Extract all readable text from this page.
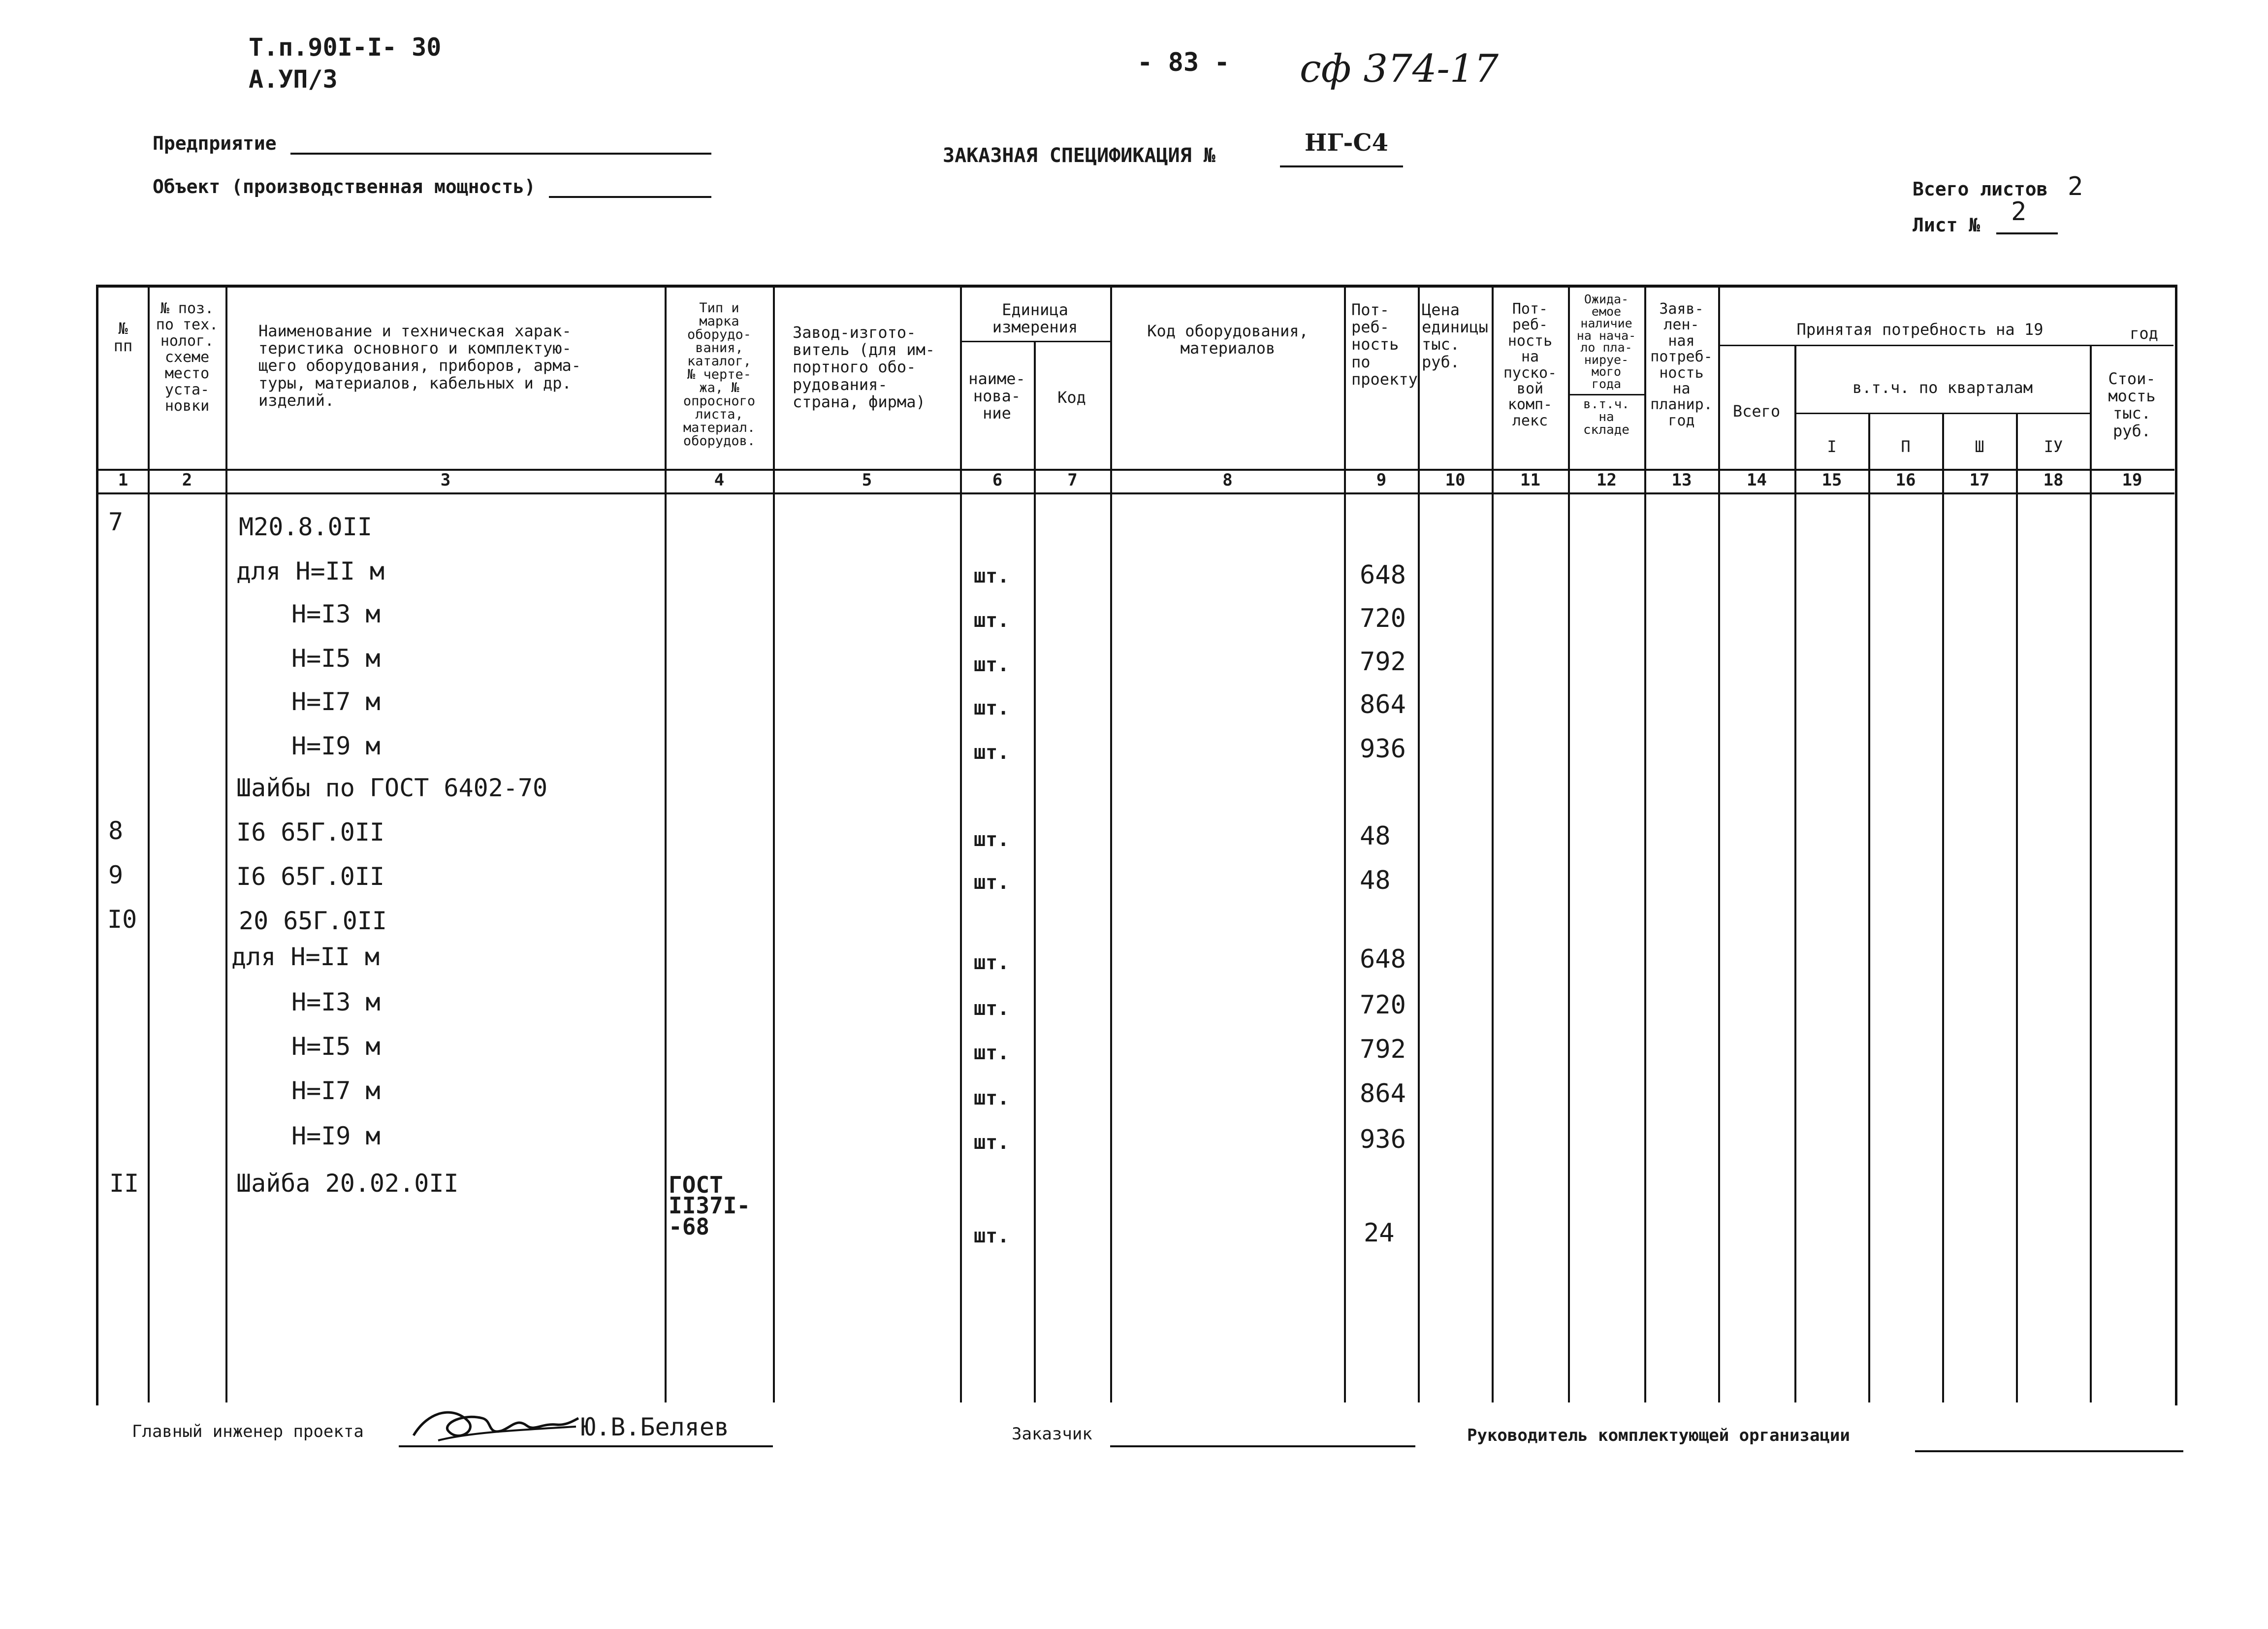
Т.п.90I-I- 30
А.УП/З
- 83 - сф 374-17
Предприятие
Объект (производственная мощность)
ЗАКАЗНАЯ СПЕЦИФИКАЦИЯ №	НГ-С4
Всего листов 2
Лист № 2
№
пп
№ поз.
по тех.
нолог.
схеме
место
уста-
новки
Наименование и техническая харак-
теристика основного и комплектую-
щего оборудования, приборов, арма-
туры, материалов, кабельных и др.
изделий.
Тип и
марка
оборудо-
вания,
каталог,
№ черте-
жа, №
опросного
листа,
материал.
оборудов.
Завод-изгото-
витель (для им-
портного обо-
рудования-
страна, фирма)
Единица
измерения
наиме-
нова-
ние
Код
Код оборудования,
материалов
Пот-
реб-
ность
по
проекту
Цена
единицы
тыс.
руб.
Пот-
реб-
ность
на
пуско-
вой
комп-
лекс
Ожида-
емое
наличие
на нача-
ло пла-
нируе-
мого
года
в.т.ч.
на
складе
Заяв-
лен-
ная
потреб-
ность
на
планир.
год
Принятая потребность на 19	год
Всего
в.т.ч. по кварталам
I	П	Ш	IУ
Стои-
мость
тыс.
руб.
1	2	3	4	5	6	7	8	9	10	11	12	13	14	15	16	17	18	19
7	М20.8.0II
для Н=II м	шт.	648
Н=I3 м	шт.	720
Н=I5 м	шт.	792
Н=I7 м	шт.	864
Н=I9 м	шт.	936
Шайбы по ГОСТ 6402-70
8	I6 65Г.0II	шт.	48
9	I6 65Г.0II	шт.	48
I0	20 65Г.0II
для Н=II м	шт.	648
Н=I3 м	шт.	720
Н=I5 м	шт.	792
Н=I7 м	шт.	864
Н=I9 м	шт.	936
II	Шайба 20.02.0II	ГОСТ
II37I-
-68	шт.	24
Главный инженер проекта	Ю.В.Беляев	Заказчик	Руководитель комплектующей организации
